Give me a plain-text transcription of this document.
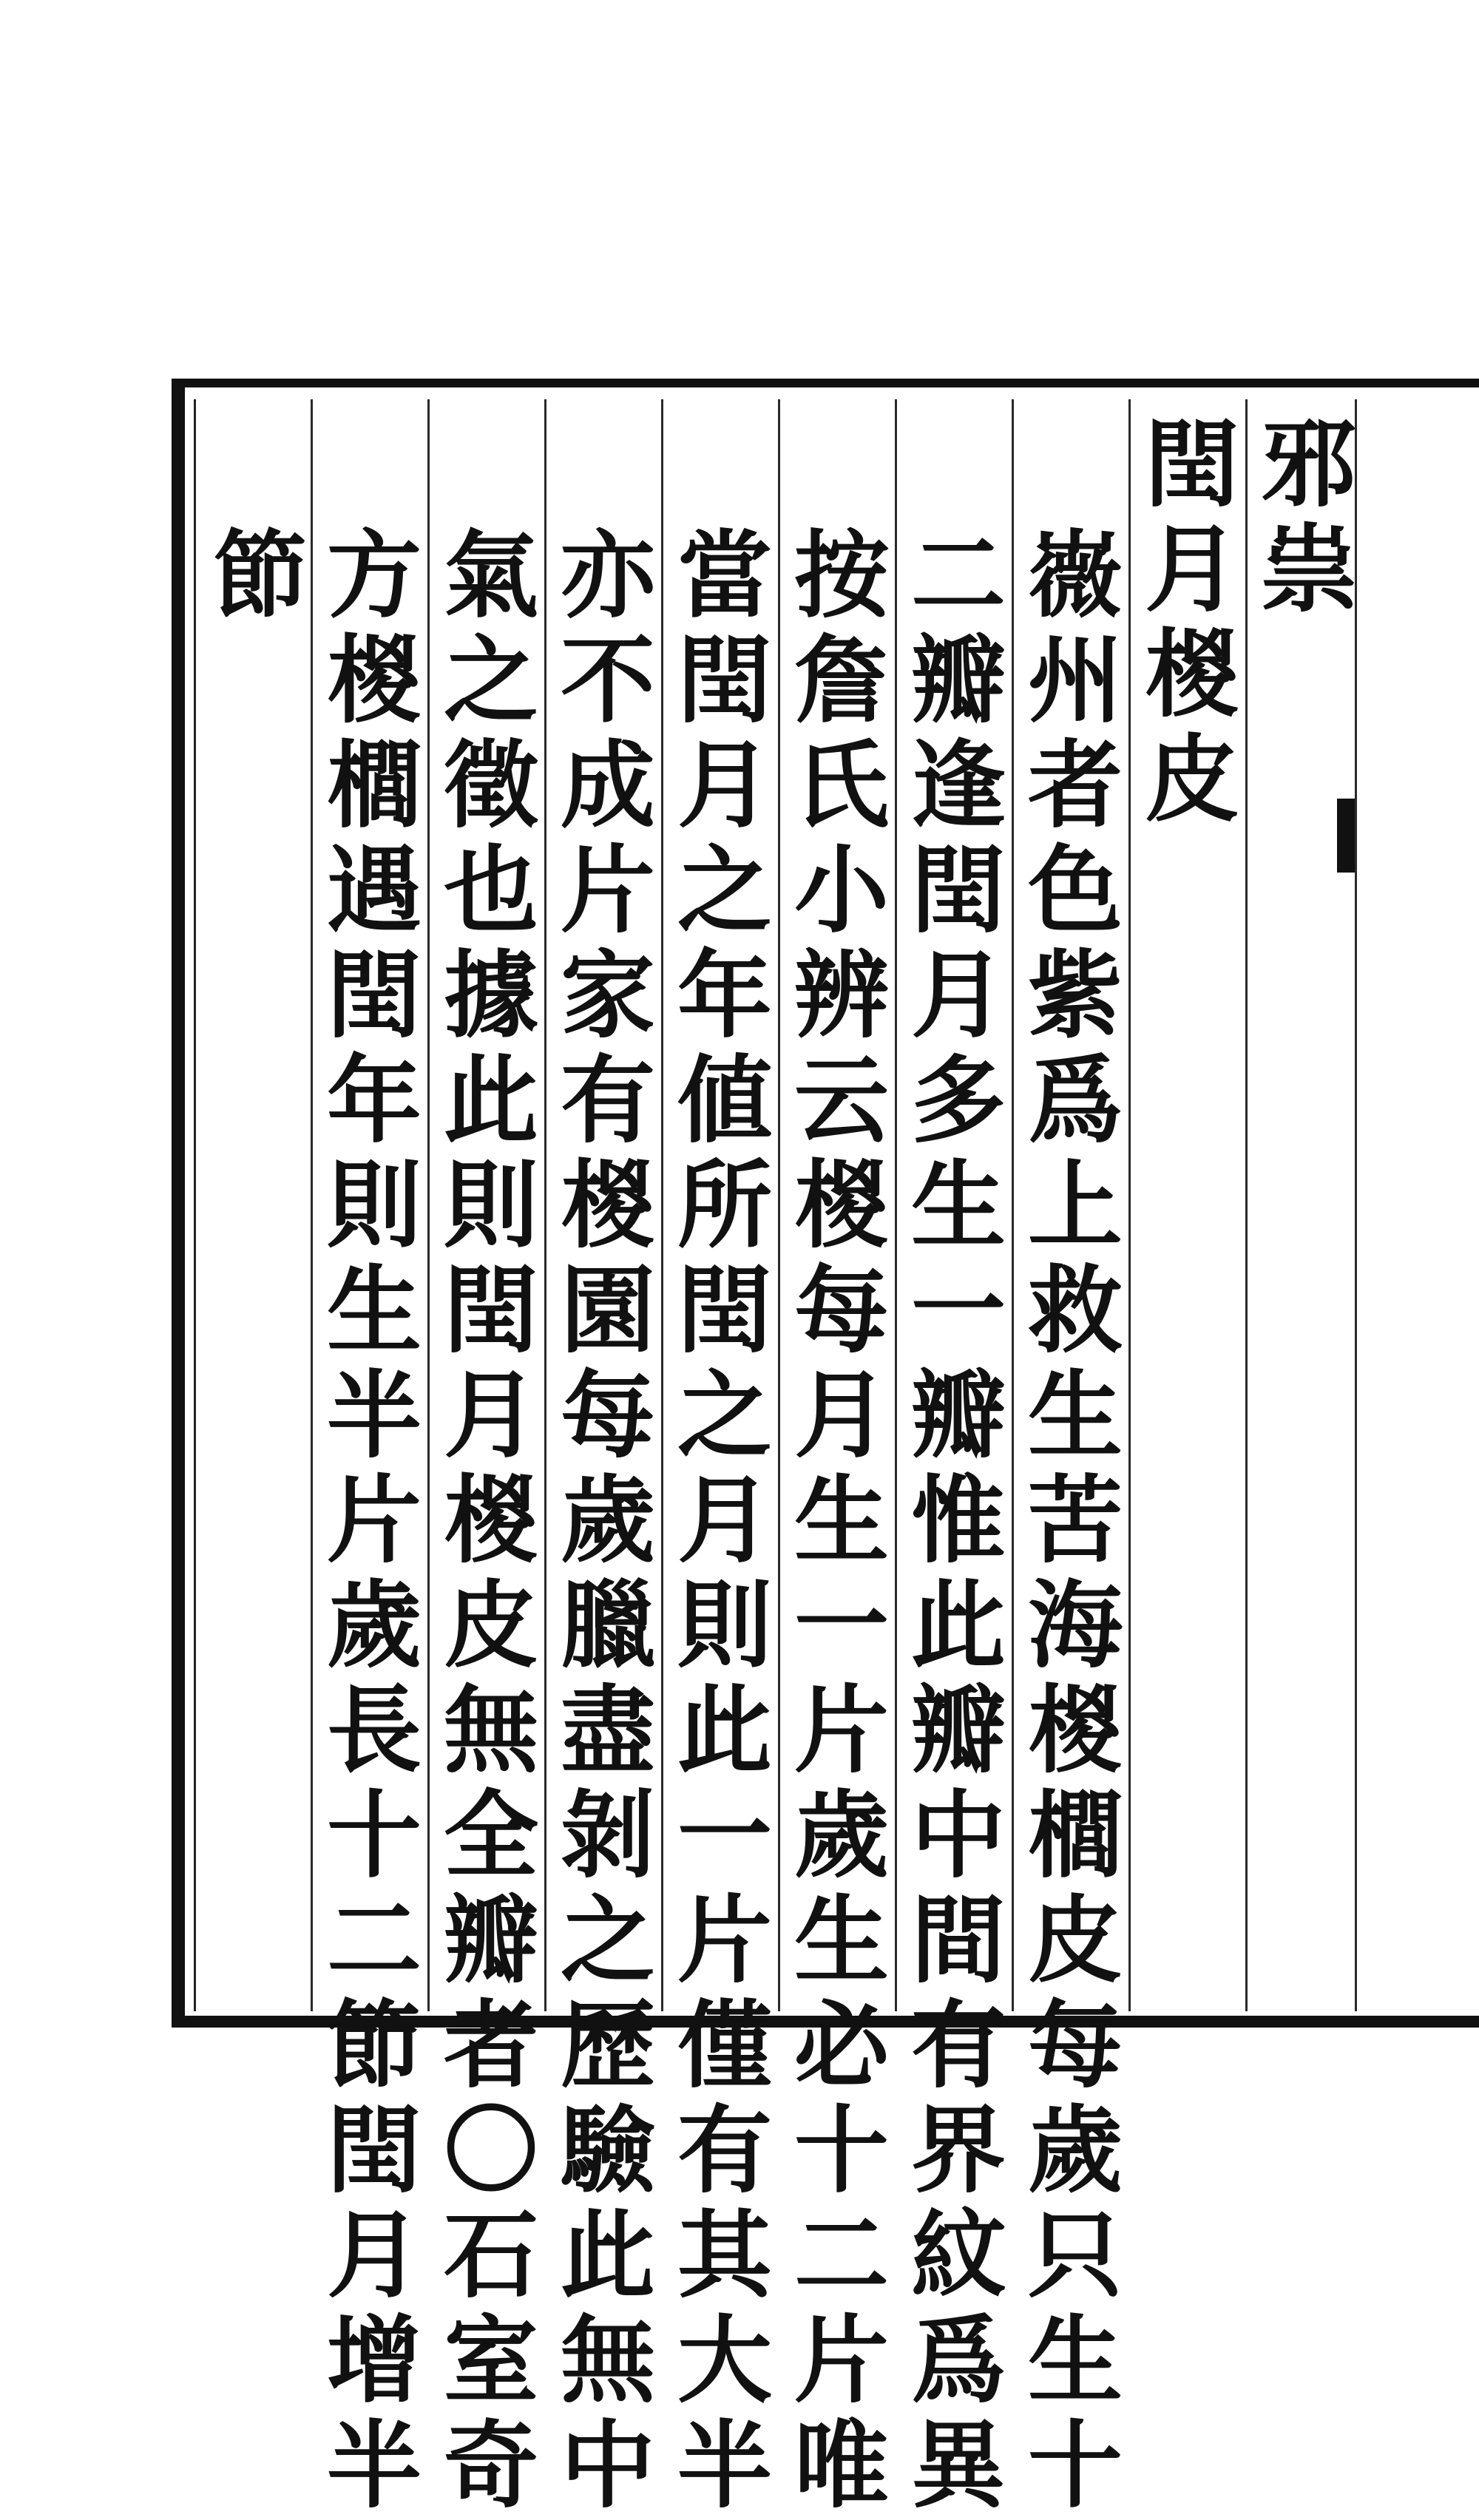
邪祟
閏月椶皮
嶶州者色紫爲上救生苦海椶櫚皮每歲只生十
二瓣逢閏月多生一瓣惟此瓣中間有界紋爲異
按詹氏小辨云椶每月生一片歲生必十二片唯
當閏月之年値所閏之月則此一片僅有其大半
亦不成片家有椶園每歲臘盡剝之歷驗此無中
氣之徵也據此則閏月椶皮無全瓣者〇石室奇
方椶櫚遇閏年則生半片歲長十二節閏月增半
節
